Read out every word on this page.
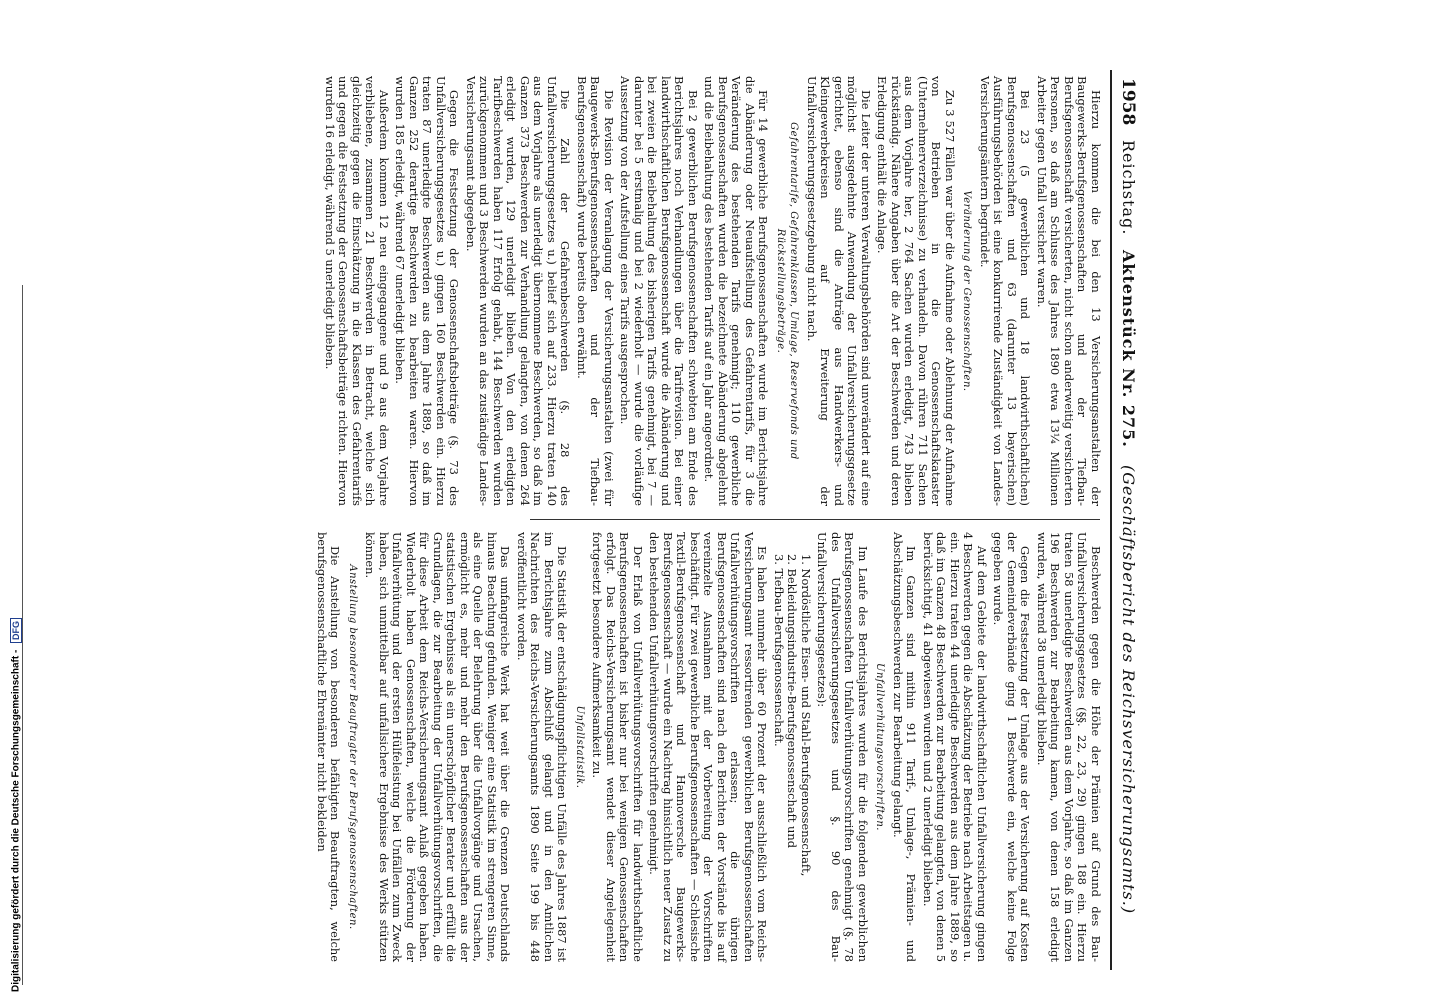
Digitalisierung gefördert durch die Deutsche Forschungsgemeinschaft - DFG
1958
Reichstag.
Aktenstück Nr. 275.
(Geschäftsbericht des Reichsversicherungsamts.)

Hierzu kommen die bei den 13 Versicherungsanstalten der Baugewerks-Berufsgenossenschaften und der Tiefbau-Berufsgenossenschaft versicherten, nicht schon anderweitig versicherten Personen, so daß am Schlusse des Jahres 1890 etwa 13¼ Millionen Arbeiter gegen Unfall versichert waren.

Bei 23 (5 gewerblichen und 18 landwirthschaftlichen) Berufsgenossenschaften und 63 (darunter 13 bayerischen) Ausführungsbehörden ist eine konkurrirende Zuständigkeit von Landes-Versicherungsämtern begründet.

Veränderung der Genossenschaften.

Zu 3 527 Fällen war über die Aufnahme oder Ablehnung der Aufnahme von Betrieben in die Genossenschaftskataster (Unternehmerverzeichnisse) zu verhandeln. Davon rühren 711 Sachen aus dem Vorjahre her, 2 764 Sachen wurden erledigt, 743 blieben rückständig. Nähere Angaben über die Art der Beschwerden und deren Erledigung enthält die Anlage.

Die Leiter der unteren Verwaltungsbehörden sind unverändert auf eine möglichst ausgedehnte Anwendung der Unfallversicherungsgesetze gerichtet, ebenso sind die Anträge aus Handwerkers- und Kleingewerbekreisen auf Erweiterung der Unfallversicherungsgesetzgebung nicht nach.

Gefahrentarife, Gefahrenklassen, Umlage, Reservefonds und Rückstellungsbeträge.

Für 14 gewerbliche Berufsgenossenschaften wurde im Berichtsjahre die Abänderung oder Neuaufstellung des Gefahrentarifs, für 3 die Veränderung des bestehenden Tarifs genehmigt; 110 gewerbliche Berufsgenossenschaften wurden die bezeichnete Abänderung abgelehnt und die Beibehaltung des bestehenden Tarifs auf ein Jahr angeordnet.

Bei 2 gewerblichen Berufsgenossenschaften schwebten am Ende des Berichtsjahres noch Verhandlungen über die Tarifrevision. Bei einer landwirthschaftlichen Berufsgenossenschaft wurde die Abänderung und bei zweien die Beibehaltung des bisherigen Tarifs genehmigt, bei 7 — darunter bei 5 erstmalig und bei 2 wiederholt — wurde die vorläufige Aussetzung von der Aufstellung eines Tarifs ausgesprochen.

Die Revision der Veranlagung der Versicherungsanstalten (zwei für Baugewerks-Berufsgenossenschaften und der Tiefbau-Berufsgenossenschaft) wurde bereits oben erwähnt.

Die Zahl der Gefahrenbeschwerden (§. 28 des Unfallversicherungsgesetzes u.) belief sich auf 233. Hierzu traten 140 aus dem Vorjahre als unerledigt übernommene Beschwerden, so daß im Ganzen 373 Beschwerden zur Verhandlung gelangten, von denen 264 erledigt wurden, 129 unerledigt blieben. Von den erledigten Tarifbeschwerden haben 117 Erfolg gehabt, 144 Beschwerden wurden zurückgenommen und 3 Beschwerden wurden an das zuständige Landes-Versicherungsamt abgegeben.

Gegen die Festsetzung der Genossenschaftsbeiträge (§. 73 des Unfallversicherungsgesetzes u.) gingen 160 Beschwerden ein. Hierzu traten 87 unerledigte Beschwerden aus dem Jahre 1889, so daß im Ganzen 252 derartige Beschwerden zu bearbeiten waren. Hiervon wurden 185 erledigt, während 67 unerledigt blieben.

Außerdem kommen 12 neu eingegangene und 9 aus dem Vorjahre verbliebene, zusammen 21 Beschwerden in Betracht, welche sich gleichzeitig gegen die Einschätzung in die Klassen des Gefahrentarifs und gegen die Festsetzung der Genossenschaftsbeiträge richten. Hiervon wurden 16 erledigt, während 5 unerledigt blieben.

Beschwerden gegen die Höhe der Prämien auf Grund des Bau-Unfallversicherungsgesetzes (§§. 22, 23, 29) gingen 188 ein. Hierzu traten 58 unerledigte Beschwerden aus dem Vorjahre, so daß im Ganzen 196 Beschwerden zur Bearbeitung kamen, von denen 158 erledigt wurden, während 38 unerledigt blieben.

Gegen die Festsetzung der Umlage aus der Versicherung auf Kosten der Gemeindeverbände ging 1 Beschwerde ein, welche keine Folge gegeben wurde.

Auf dem Gebiete der landwirthschaftlichen Unfallversicherung gingen 4 Beschwerden gegen die Abschätzung der Betriebe nach Arbeitstagen u. ein. Hierzu traten 44 unerledigte Beschwerden aus dem Jahre 1889, so daß im Ganzen 48 Beschwerden zur Bearbeitung gelangten, von denen 5 berücksichtigt, 41 abgewiesen wurden und 2 unerledigt blieben.

Im Ganzen sind mithin 911 Tarif-, Umlage-, Prämien- und Abschätzungsbeschwerden zur Bearbeitung gelangt.

Unfallverhütungsvorschriften.

Im Laufe des Berichtsjahres wurden für die folgenden gewerblichen Berufsgenossenschaften Unfallverhütungsvorschriften genehmigt (§. 78 des Unfallversicherungsgesetzes und §. 90 des Bau-Unfallversicherungsgesetzes):

1. Nordöstliche Eisen- und Stahl-Berufsgenossenschaft,
2. Bekleidungsindustrie-Berufsgenossenschaft und
3. Tiefbau-Berufsgenossenschaft.

Es haben nunmehr über 60 Prozent der ausschließlich vom Reichs-Versicherungsamt ressortirenden gewerblichen Berufsgenossenschaften Unfallverhütungsvorschriften erlassen; die übrigen Berufsgenossenschaften sind nach den Berichten der Vorstände bis auf vereinzelte Ausnahmen mit der Vorbereitung der Vorschriften beschäftigt. Für zwei gewerbliche Berufsgenossenschaften — Schlesische Textil-Berufsgenossenschaft und Hannoversche Baugewerks-Berufsgenossenschaft — wurde ein Nachtrag hinsichtlich neuer Zusatz zu den bestehenden Unfallverhütungsvorschriften genehmigt.

Der Erlaß von Unfallverhütungsvorschriften für landwirthschaftliche Berufsgenossenschaften ist bisher nur bei wenigen Genossenschaften erfolgt. Das Reichs-Versicherungsamt wendet dieser Angelegenheit fortgesetzt besondere Aufmerksamkeit zu.

Unfallstatistik.

Die Statistik der entschädigungspflichtigen Unfälle des Jahres 1887 ist im Berichtsjahre zum Abschluß gelangt und in den Amtlichen Nachrichten des Reichs-Versicherungsamts 1890 Seite 199 bis 448 veröffentlicht worden.

Das umfangreiche Werk hat weit über die Grenzen Deutschlands hinaus Beachtung gefunden. Weniger eine Statistik im strengeren Sinne, als eine Quelle der Belehrung über die Unfallvorgänge und Ursachen, ermöglicht es, mehr und mehr den Berufsgenossenschaften aus der statistischen Ergebnisse als ein unerschöpflicher Berater und erfüllt die Grundlagen, die zur Bearbeitung der Unfallverhütungsvorschriften, die für diese Arbeit dem Reichs-Versicherungsamt Anlaß gegeben haben. Wiederholt haben Genossenschaften, welche die Förderung der Unfallverhütung und der ersten Hülfeleistung bei Unfällen zum Zweck haben, sich unmittelbar auf unfallsichere Ergebnisse des Werks stützen können.

Anstellung besonderer Beauftragter der Berufsgenossenschaften.

Die Anstellung von besonderen befähigten Beauftragten, welche berufsgenossenschaftliche Ehrenämter nicht bekleiden
